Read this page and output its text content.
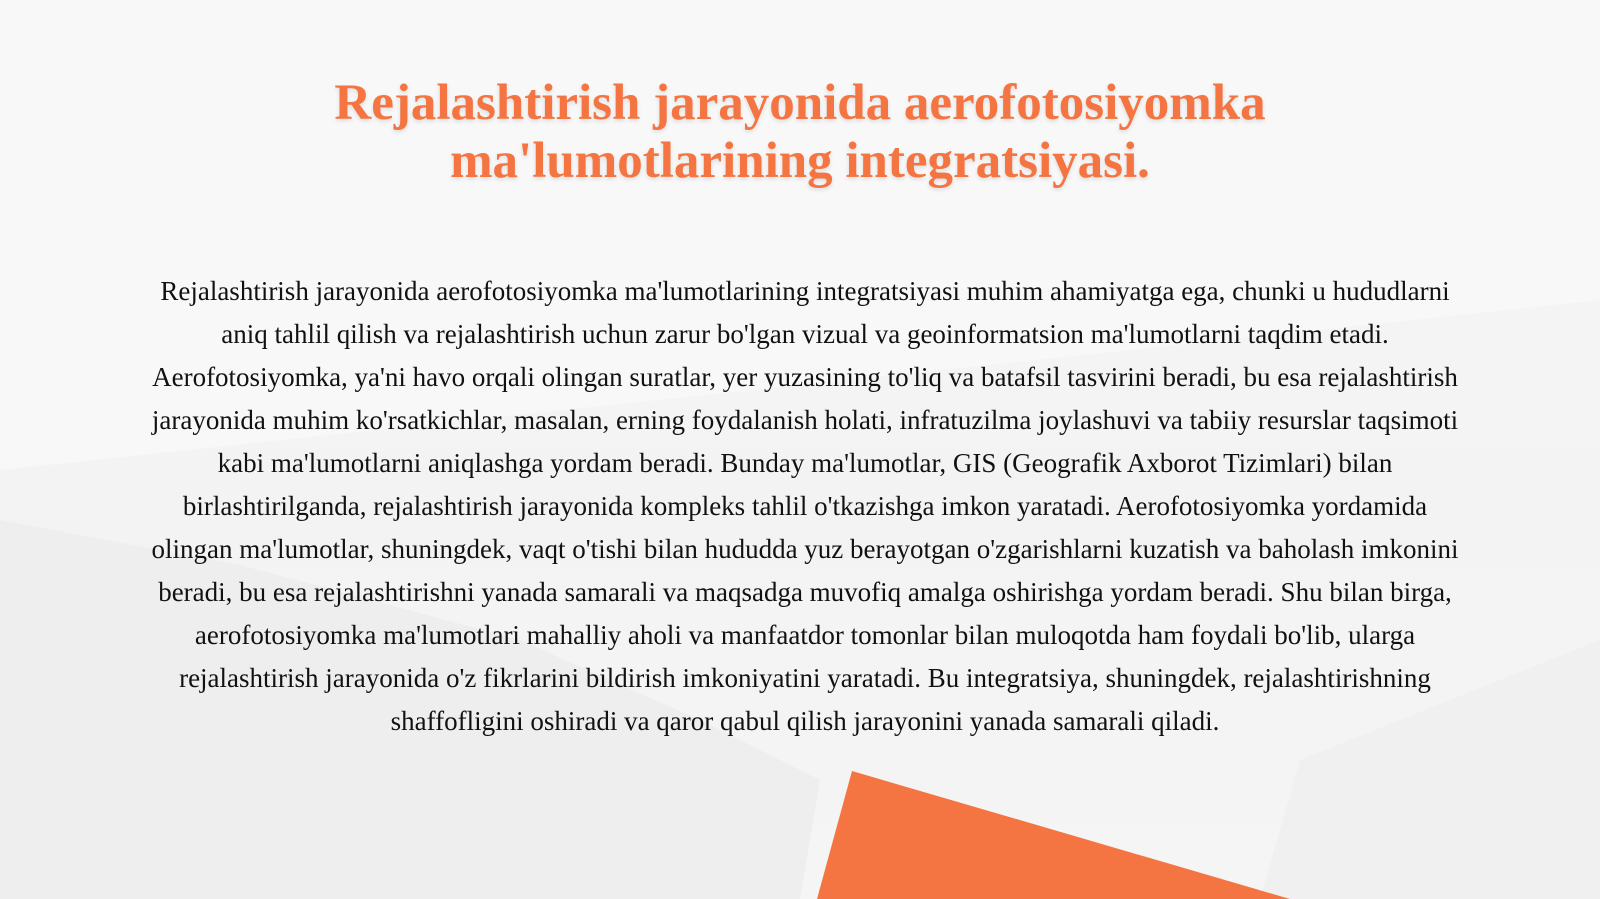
Rejalashtirish jarayonida aerofotosiyomka ma'lumotlarining integratsiyasi.

Rejalashtirish jarayonida aerofotosiyomka ma'lumotlarining integratsiyasi muhim ahamiyatga ega, chunki u hududlarni aniq tahlil qilish va rejalashtirish uchun zarur bo'lgan vizual va geoinformatsion ma'lumotlarni taqdim etadi. Aerofotosiyomka, ya'ni havo orqali olingan suratlar, yer yuzasining to'liq va batafsil tasvirini beradi, bu esa rejalashtirish jarayonida muhim ko'rsatkichlar, masalan, erning foydalanish holati, infratuzilma joylashuvi va tabiiy resurslar taqsimoti kabi ma'lumotlarni aniqlashga yordam beradi. Bunday ma'lumotlar, GIS (Geografik Axborot Tizimlari) bilan birlashtirilganda, rejalashtirish jarayonida kompleks tahlil o'tkazishga imkon yaratadi. Aerofotosiyomka yordamida olingan ma'lumotlar, shuningdek, vaqt o'tishi bilan hududda yuz berayotgan o'zgarishlarni kuzatish va baholash imkonini beradi, bu esa rejalashtirishni yanada samarali va maqsadga muvofiq amalga oshirishga yordam beradi. Shu bilan birga, aerofotosiyomka ma'lumotlari mahalliy aholi va manfaatdor tomonlar bilan muloqotda ham foydali bo'lib, ularga rejalashtirish jarayonida o'z fikrlarini bildirish imkoniyatini yaratadi. Bu integratsiya, shuningdek, rejalashtirishning shaffofligini oshiradi va qaror qabul qilish jarayonini yanada samarali qiladi.
